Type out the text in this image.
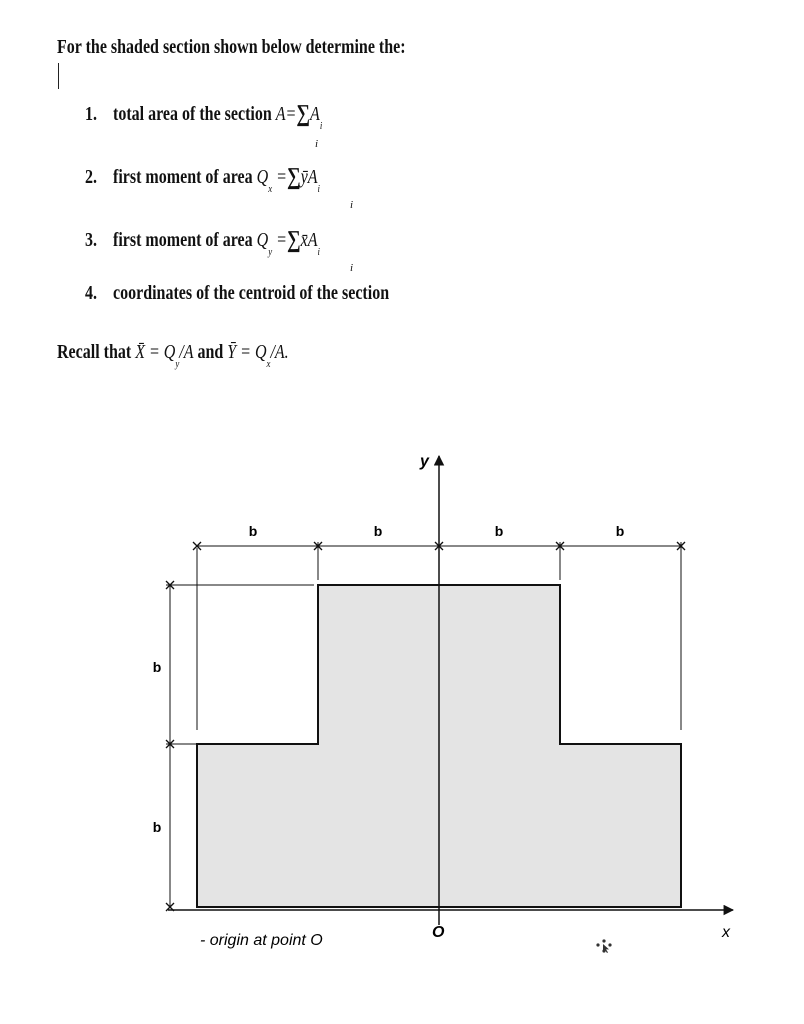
For the shaded section shown below determine the:
1. total area of the section $A=\sum A_i$
i
2. first moment of area $Q_x$ $=\sum ȳA_i$
i
3. first moment of area $Q_y$ $=\sum x̄A_i$
i
4. coordinates of the centroid of the section
Recall that X̄ = $Q_y/A$ and Ȳ = $Q_x/A$.
y
x
O
- origin at point O
b	b	b	b
b
b
